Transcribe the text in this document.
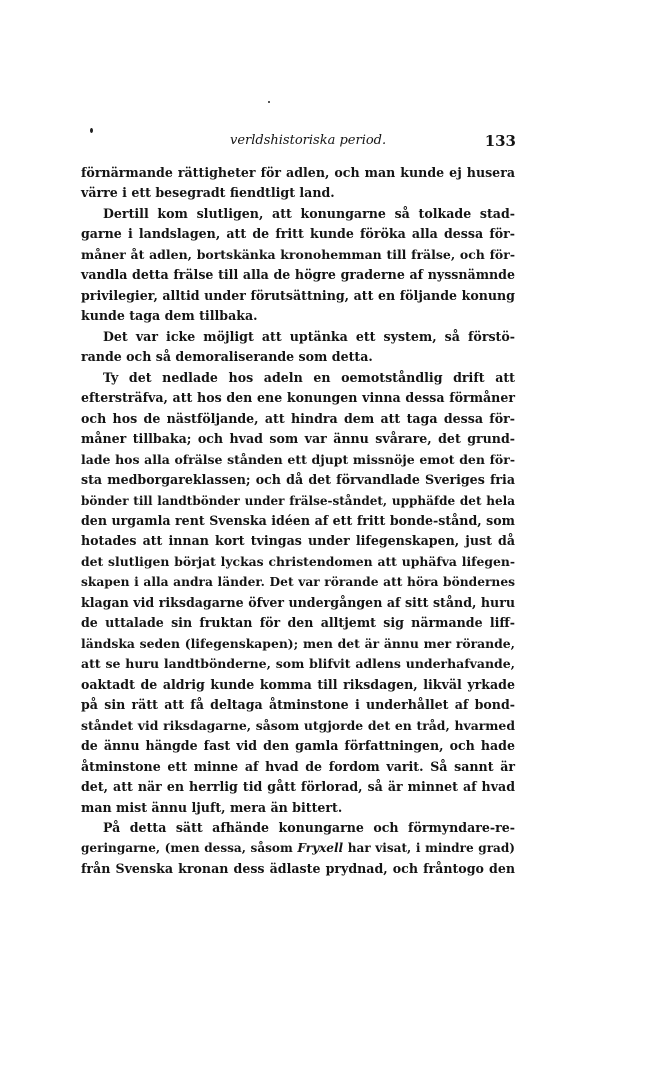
verldshistoriska period.	133
förnärmande rättigheter för adlen, och man kunde ej husera
värre i ett besegradt fiendtligt land.
Dertill kom slutligen, att konungarne så tolkade stad-
garne i landslagen, att de fritt kunde föröka alla dessa för-
måner åt adlen, bortskänka kronohemman till frälse, och för-
vandla detta frälse till alla de högre graderne af nyssnämnde
privilegier, alltid under förutsättning, att en följande konung
kunde taga dem tillbaka.
Det var icke möjligt att uptänka ett system, så förstö-
rande och så demoraliserande som detta.
Ty det nedlade hos adeln en oemotståndlig drift att
eftersträfva, att hos den ene konungen vinna dessa förmåner
och hos de nästföljande, att hindra dem att taga dessa för-
måner tillbaka; och hvad som var ännu svårare, det grund-
lade hos alla ofrälse stånden ett djupt missnöje emot den för-
sta medborgareklassen; och då det förvandlade Sveriges fria
bönder till landtbönder under frälse-ståndet, upphäfde det hela
den urgamla rent Svenska idéen af ett fritt bonde-stånd, som
hotades att innan kort tvingas under lifegenskapen, just då
det slutligen börjat lyckas christendomen att uphäfva lifegen-
skapen i alla andra länder. Det var rörande att höra böndernes
klagan vid riksdagarne öfver undergången af sitt stånd, huru
de uttalade sin fruktan för den alltjemt sig närmande liff-
ländska seden (lifegenskapen); men det är ännu mer rörande,
att se huru landtbönderne, som blifvit adlens underhafvande,
oaktadt de aldrig kunde komma till riksdagen, likväl yrkade
på sin rätt att få deltaga åtminstone i underhållet af bond-
ståndet vid riksdagarne, såsom utgjorde det en tråd, hvarmed
de ännu hängde fast vid den gamla författningen, och hade
åtminstone ett minne af hvad de fordom varit. Så sannt är
det, att när en herrlig tid gått förlorad, så är minnet af hvad
man mist ännu ljuft, mera än bittert.
På detta sätt afhände konungarne och förmyndare-re-
geringarne, (men dessa, såsom Fryxell har visat, i mindre grad)
från Svenska kronan dess ädlaste prydnad, och fråntogo den
